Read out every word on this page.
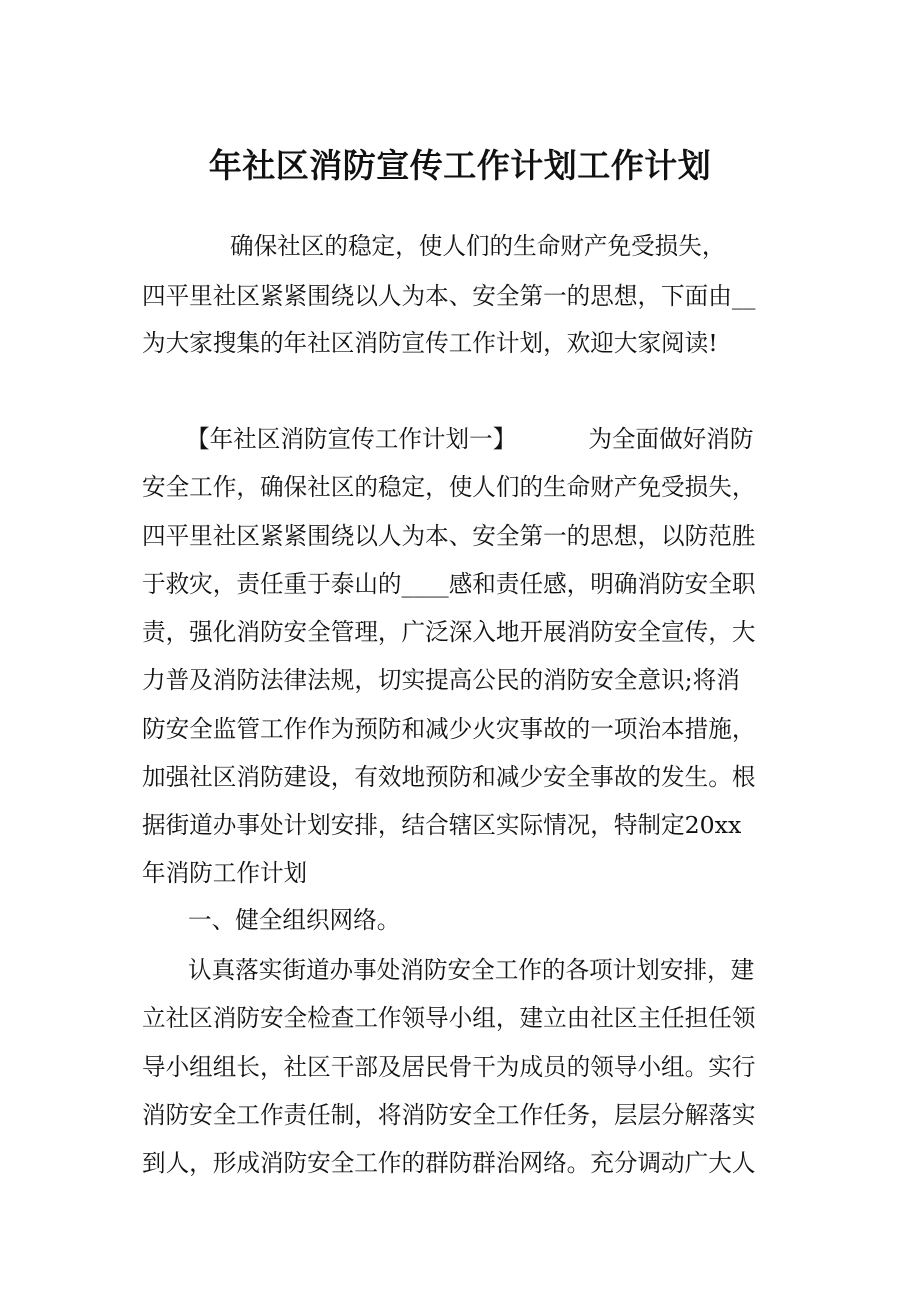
年社区消防宣传工作计划工作计划
确保社区的稳定，使人们的生命财产免受损失，
四平里社区紧紧围绕以人为本、安全第一的思想，下面由__
为大家搜集的年社区消防宣传工作计划，欢迎大家阅读!
【年社区消防宣传工作计划一】	为全面做好消防
安全工作，确保社区的稳定，使人们的生命财产免受损失，
四平里社区紧紧围绕以人为本、安全第一的思想，以防范胜
于救灾，责任重于泰山的____感和责任感，明确消防安全职
责，强化消防安全管理，广泛深入地开展消防安全宣传，大
力普及消防法律法规，切实提高公民的消防安全意识;将消
防安全监管工作作为预防和减少火灾事故的一项治本措施，
加强社区消防建设，有效地预防和减少安全事故的发生。根
据街道办事处计划安排，结合辖区实际情况，特制定20xx
年消防工作计划
一、健全组织网络。
认真落实街道办事处消防安全工作的各项计划安排，建
立社区消防安全检查工作领导小组，建立由社区主任担任领
导小组组长，社区干部及居民骨干为成员的领导小组。实行
消防安全工作责任制，将消防安全工作任务，层层分解落实
到人，形成消防安全工作的群防群治网络。充分调动广大人
